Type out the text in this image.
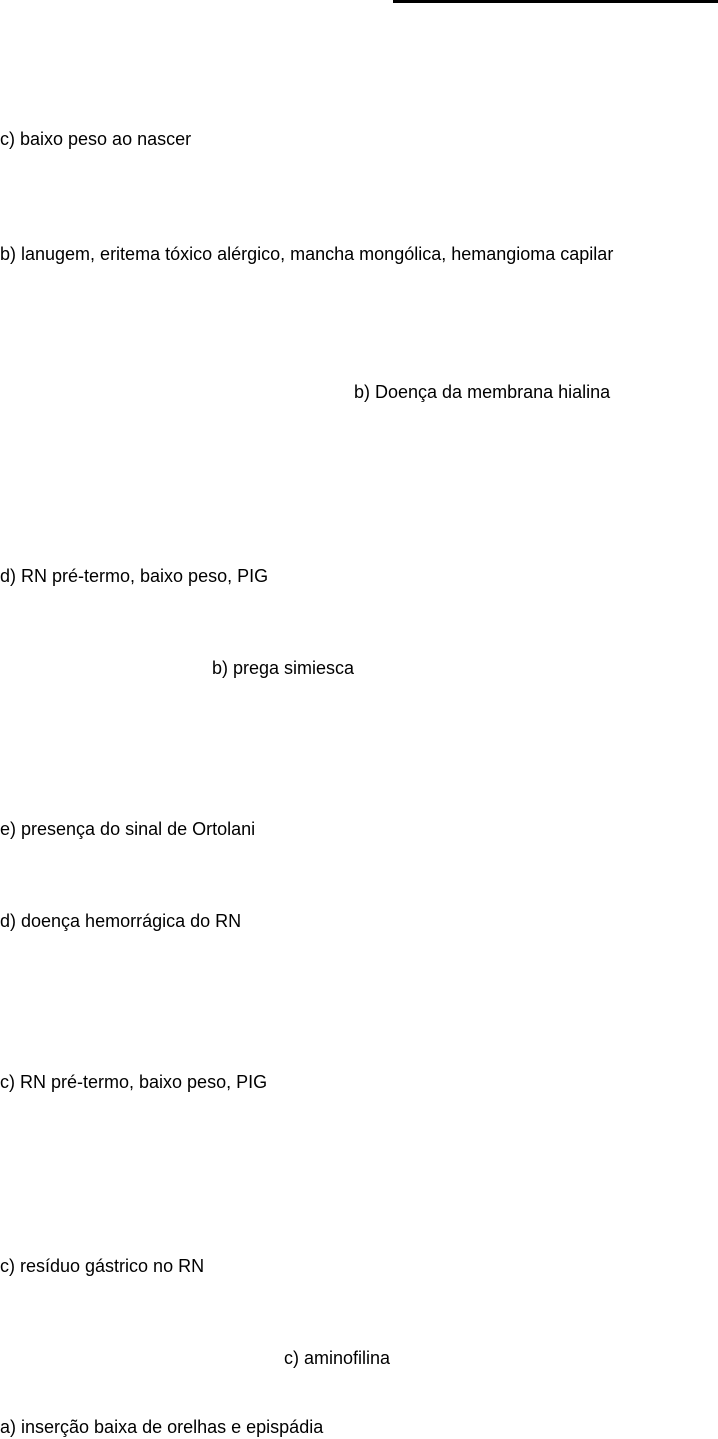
c) baixo peso ao nascer
b) lanugem, eritema tóxico alérgico, mancha mongólica, hemangioma capilar
b) Doença da membrana hialina
d) RN pré-termo, baixo peso, PIG
b) prega simiesca
e) presença do sinal de Ortolani
d) doença hemorrágica do RN
c) RN pré-termo, baixo peso, PIG
c) resíduo gástrico no RN
c) aminofilina
a) inserção baixa de orelhas e epispádia
